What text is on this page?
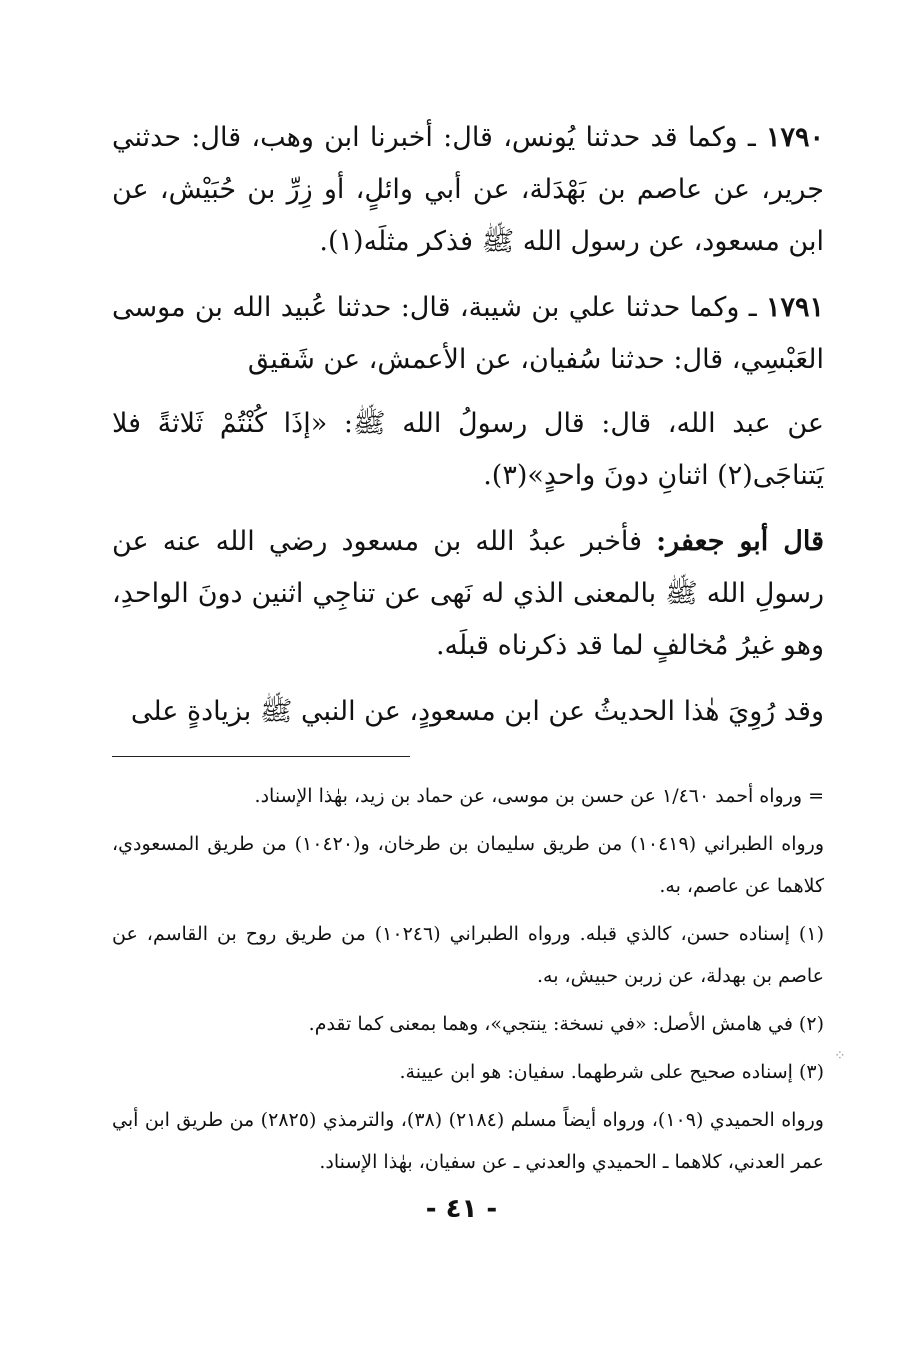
١٧٩٠ ـ وكما قد حدثنا يُونس، قال: أخبرنا ابن وهب، قال: حدثني جرير، عن عاصم بن بَهْدَلة، عن أبي وائلٍ، أو زِرِّ بن حُبَيْش، عن ابن مسعود، عن رسول الله ﷺ فذكر مثلَه(١).

١٧٩١ ـ وكما حدثنا علي بن شيبة، قال: حدثنا عُبيد الله بن موسى العَبْسِي، قال: حدثنا سُفيان، عن الأعمش، عن شَقيق

عن عبد الله، قال: قال رسولُ الله ﷺ: «إذَا كُنْتُمْ ثَلاثةً فلا يَتناجَى(٢) اثنانِ دونَ واحدٍ»(٣).

قال أبو جعفر: فأخبر عبدُ الله بن مسعود رضي الله عنه عن رسولِ الله ﷺ بالمعنى الذي له نَهى عن تناجِي اثنين دونَ الواحدِ، وهو غيرُ مُخالفٍ لما قد ذكرناه قبلَه.

وقد رُوِيَ هٰذا الحديثُ عن ابن مسعودٍ، عن النبي ﷺ بزيادةٍ على

= ورواه أحمد ١/٤٦٠ عن حسن بن موسى، عن حماد بن زيد، بهٰذا الإسناد.

ورواه الطبراني (١٠٤١٩) من طريق سليمان بن طرخان، و(١٠٤٢٠) من طريق المسعودي، كلاهما عن عاصم، به.

(١) إسناده حسن، كالذي قبله. ورواه الطبراني (١٠٢٤٦) من طريق روح بن القاسم، عن عاصم بن بهدلة، عن زربن حبيش، به.

(٢) في هامش الأصل: «في نسخة: ينتجي»، وهما بمعنى كما تقدم.

(٣) إسناده صحيح على شرطهما. سفيان: هو ابن عيينة.

ورواه الحميدي (١٠٩)، ورواه أيضاً مسلم (٢١٨٤) (٣٨)، والترمذي (٢٨٢٥) من طريق ابن أبي عمر العدني، كلاهما ـ الحميدي والعدني ـ عن سفيان، بهٰذا الإسناد.

⁘
- ٤١ -
